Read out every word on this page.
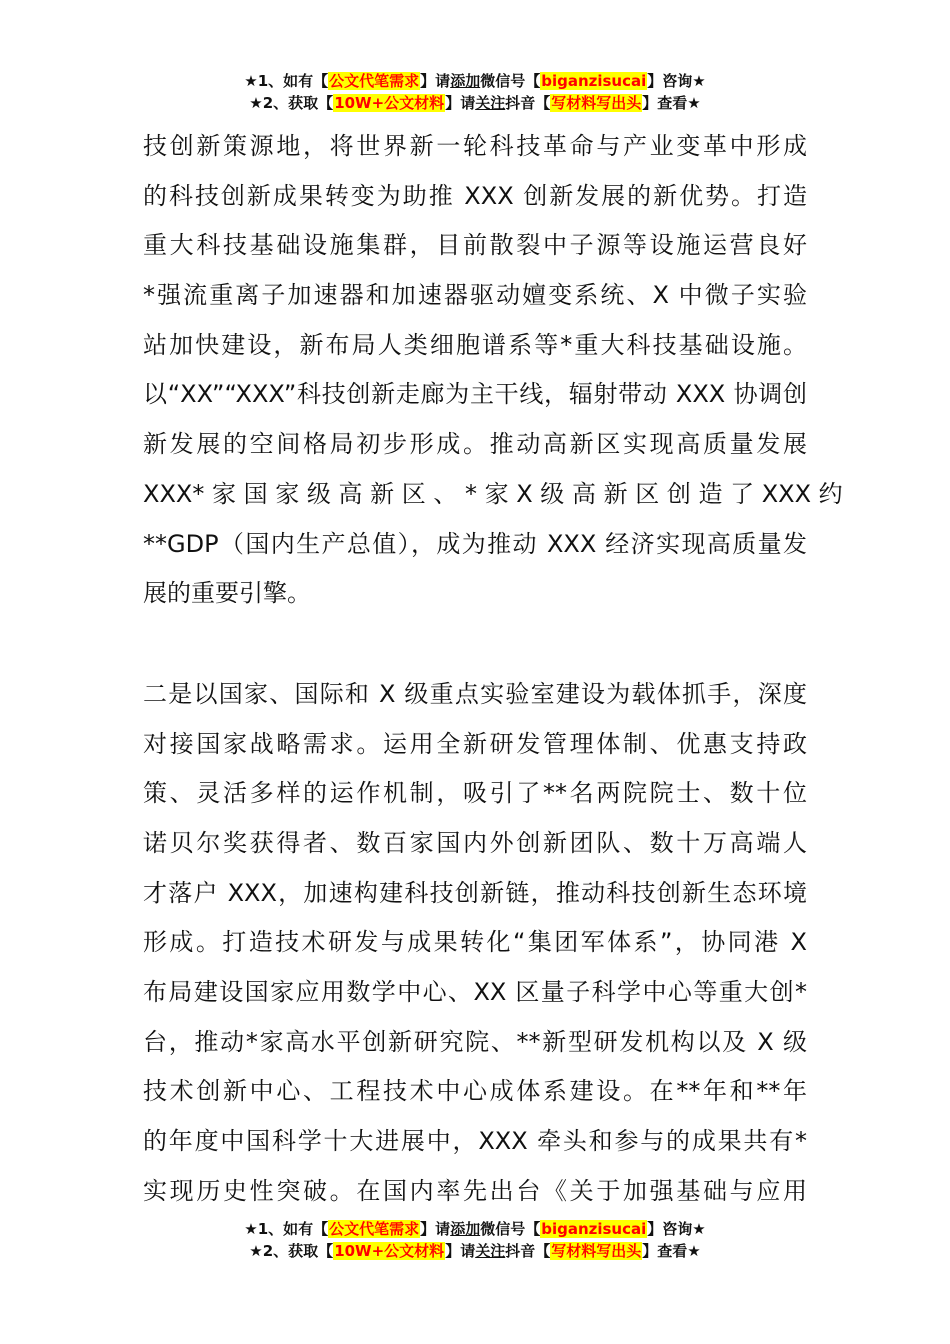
★1、如有【公文代笔需求】请添加微信号【biganzisucai】咨询★
★2、获取【10W+公文材料】请关注抖音【写材料写出头】查看★
技创新策源地，将世界新一轮科技革命与产业变革中形成
的科技创新成果转变为助推 XXX 创新发展的新优势。打造
重大科技基础设施集群，目前散裂中子源等设施运营良好
*强流重离子加速器和加速器驱动嬗变系统、X 中微子实验
站加快建设，新布局人类细胞谱系等*重大科技基础设施。
以“XX”“XXX”科技创新走廊为主干线，辐射带动 XXX 协调创
新发展的空间格局初步形成。推动高新区实现高质量发展
XXX* 家 国 家 级 高 新 区 、 * 家 X 级 高 新 区 创 造 了 XXX 约
**GDP（国内生产总值），成为推动 XXX 经济实现高质量发
展的重要引擎。
二是以国家、国际和 X 级重点实验室建设为载体抓手，深度
对接国家战略需求。运用全新研发管理体制、优惠支持政
策、灵活多样的运作机制，吸引了**名两院院士、数十位
诺贝尔奖获得者、数百家国内外创新团队、数十万高端人
才落户 XXX，加速构建科技创新链，推动科技创新生态环境
形成。打造技术研发与成果转化“集团军体系”，协同港 X
布局建设国家应用数学中心、XX 区量子科学中心等重大创*
台，推动*家高水平创新研究院、**新型研发机构以及 X 级
技术创新中心、工程技术中心成体系建设。在**年和**年
的年度中国科学十大进展中，XXX 牵头和参与的成果共有*
实现历史性突破。在国内率先出台《关于加强基础与应用
★1、如有【公文代笔需求】请添加微信号【biganzisucai】咨询★
★2、获取【10W+公文材料】请关注抖音【写材料写出头】查看★
